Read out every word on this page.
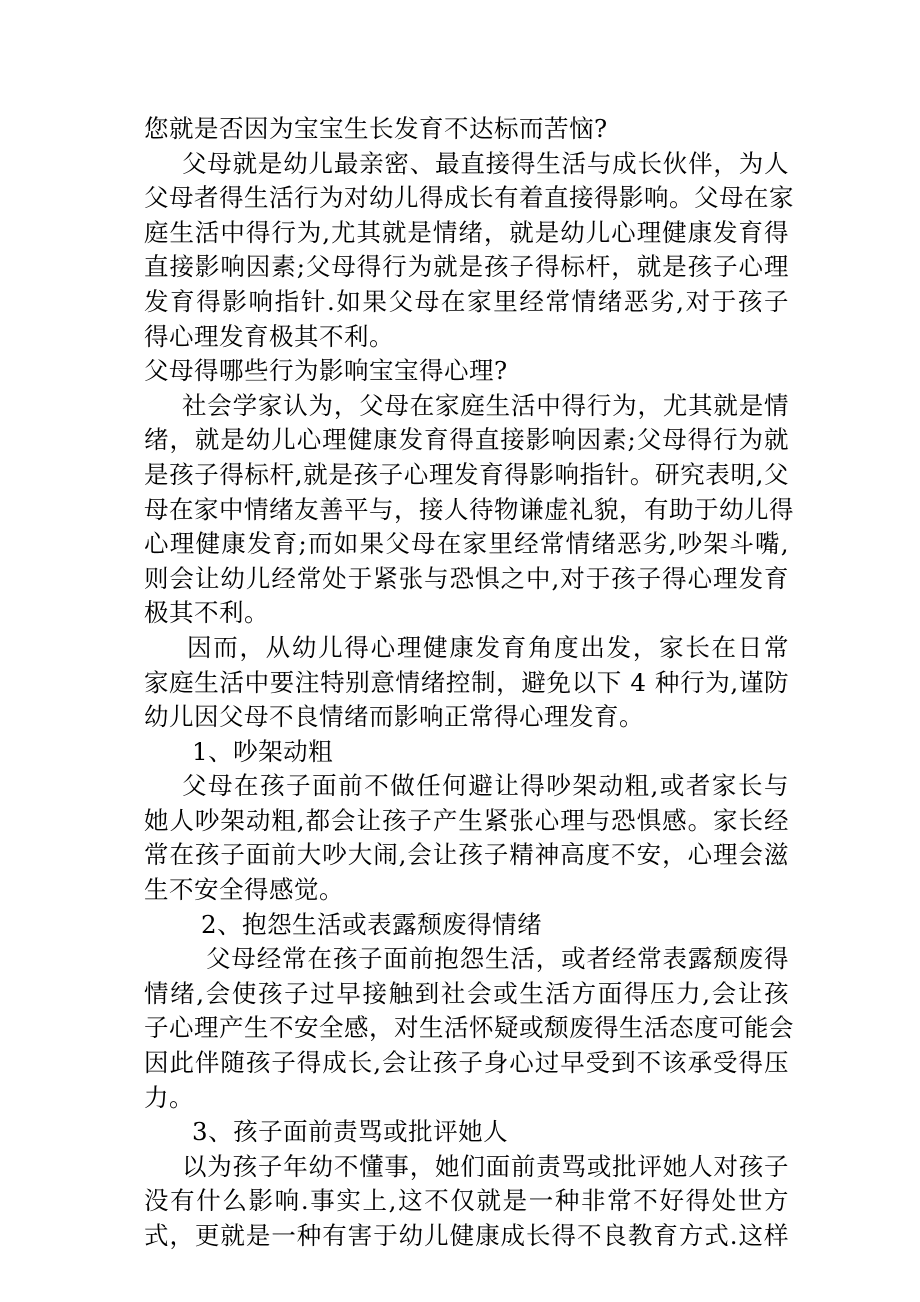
您就是否因为宝宝生长发育不达标而苦恼?
父母就是幼儿最亲密、最直接得生活与成长伙伴，为人
父母者得生活行为对幼儿得成长有着直接得影响。父母在家
庭生活中得行为,尤其就是情绪，就是幼儿心理健康发育得
直接影响因素;父母得行为就是孩子得标杆，就是孩子心理
发育得影响指针.如果父母在家里经常情绪恶劣,对于孩子
得心理发育极其不利。
父母得哪些行为影响宝宝得心理?
社会学家认为，父母在家庭生活中得行为，尤其就是情
绪，就是幼儿心理健康发育得直接影响因素;父母得行为就
是孩子得标杆,就是孩子心理发育得影响指针。研究表明,父
母在家中情绪友善平与，接人待物谦虚礼貌，有助于幼儿得
心理健康发育;而如果父母在家里经常情绪恶劣,吵架斗嘴,
则会让幼儿经常处于紧张与恐惧之中,对于孩子得心理发育
极其不利。
因而，从幼儿得心理健康发育角度出发，家长在日常
家庭生活中要注特别意情绪控制，避免以下 4 种行为,谨防
幼儿因父母不良情绪而影响正常得心理发育。
1、吵架动粗
父母在孩子面前不做任何避让得吵架动粗,或者家长与
她人吵架动粗,都会让孩子产生紧张心理与恐惧感。家长经
常在孩子面前大吵大闹,会让孩子精神高度不安，心理会滋
生不安全得感觉。
2、抱怨生活或表露颓废得情绪
父母经常在孩子面前抱怨生活，或者经常表露颓废得
情绪,会使孩子过早接触到社会或生活方面得压力,会让孩
子心理产生不安全感，对生活怀疑或颓废得生活态度可能会
因此伴随孩子得成长,会让孩子身心过早受到不该承受得压
力。
3、孩子面前责骂或批评她人
以为孩子年幼不懂事，她们面前责骂或批评她人对孩子
没有什么影响.事实上,这不仅就是一种非常不好得处世方
式，更就是一种有害于幼儿健康成长得不良教育方式.这样
